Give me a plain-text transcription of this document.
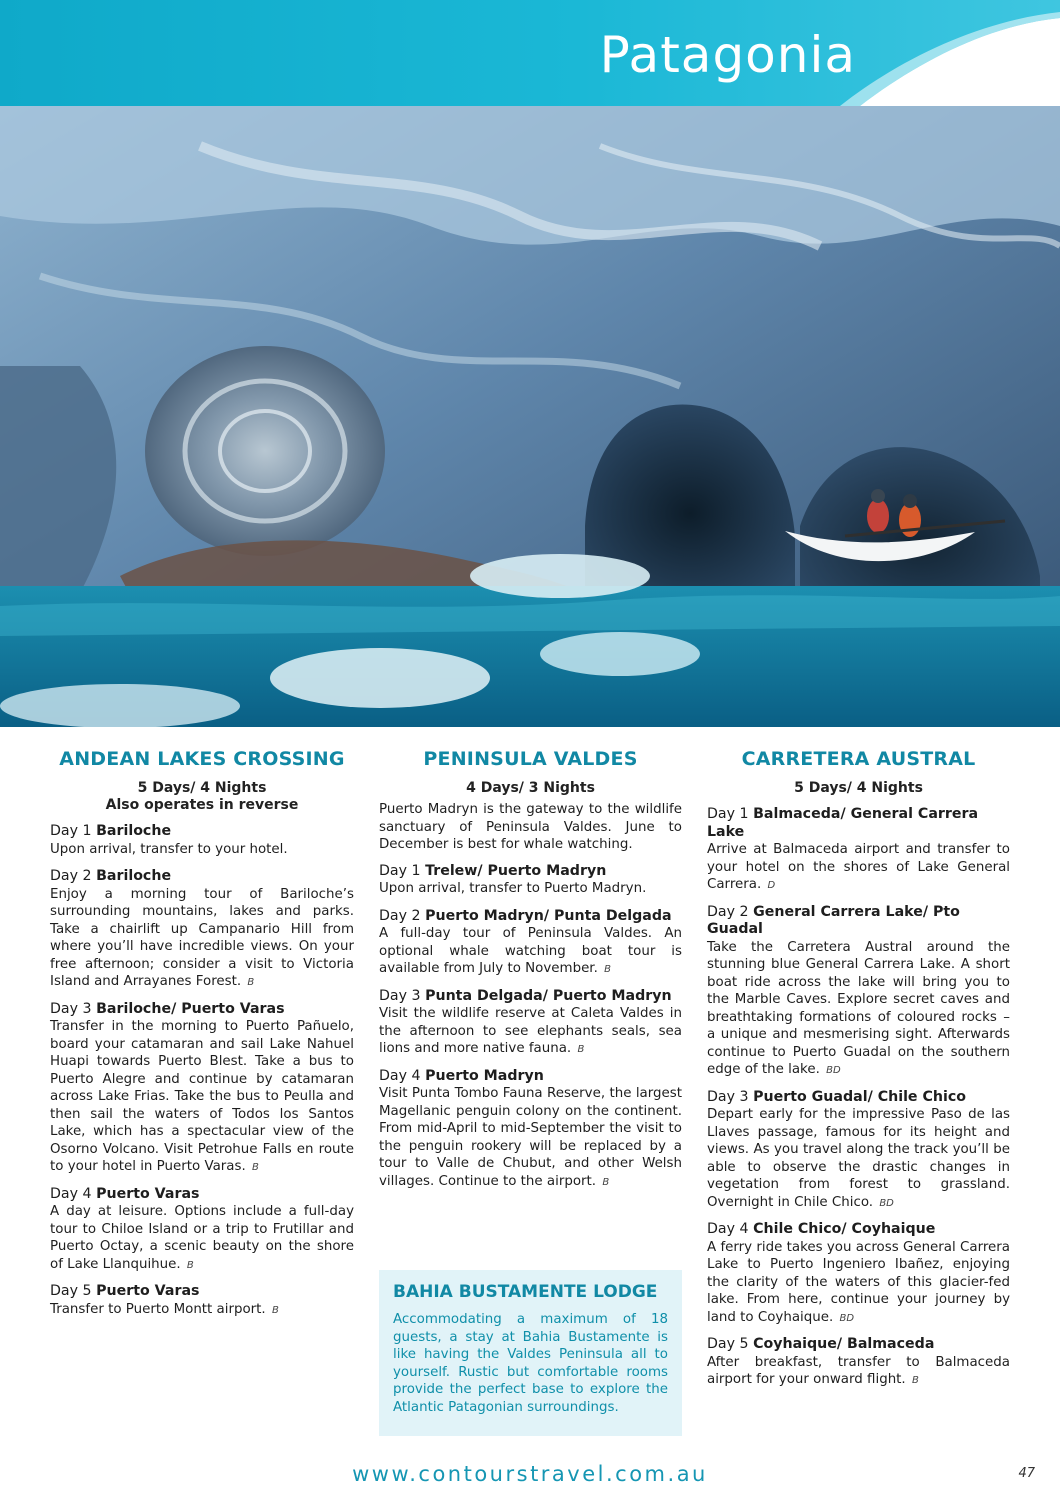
Patagonia
ANDEAN LAKES CROSSING
5 Days/ 4 Nights
Also operates in reverse
Day 1 Bariloche
Upon arrival, transfer to your hotel.
Day 2 Bariloche
Enjoy a morning tour of Bariloche’s surrounding mountains, lakes and parks. Take a chairlift up Campanario Hill from where you’ll have incredible views. On your free afternoon; consider a visit to Victoria Island and Arrayanes Forest. B
Day 3 Bariloche/ Puerto Varas
Transfer in the morning to Puerto Pañuelo, board your catamaran and sail Lake Nahuel Huapi towards Puerto Blest. Take a bus to Puerto Alegre and continue by catamaran across Lake Frias. Take the bus to Peulla and then sail the waters of Todos los Santos Lake, which has a spectacular view of the Osorno Volcano. Visit Petrohue Falls en route to your hotel in Puerto Varas. B
Day 4 Puerto Varas
A day at leisure. Options include a full-day tour to Chiloe Island or a trip to Frutillar and Puerto Octay, a scenic beauty on the shore of Lake Llanquihue. B
Day 5 Puerto Varas
Transfer to Puerto Montt airport. B
PENINSULA VALDES
4 Days/ 3 Nights
Puerto Madryn is the gateway to the wildlife sanctuary of Peninsula Valdes. June to December is best for whale watching.
Day 1 Trelew/ Puerto Madryn
Upon arrival, transfer to Puerto Madryn.
Day 2 Puerto Madryn/ Punta Delgada
A full-day tour of Peninsula Valdes. An optional whale watching boat tour is available from July to November. B
Day 3 Punta Delgada/ Puerto Madryn
Visit the wildlife reserve at Caleta Valdes in the afternoon to see elephants seals, sea lions and more native fauna. B
Day 4 Puerto Madryn
Visit Punta Tombo Fauna Reserve, the largest Magellanic penguin colony on the continent. From mid-April to mid-September the visit to the penguin rookery will be replaced by a tour to Valle de Chubut, and other Welsh villages. Continue to the airport. B
BAHIA BUSTAMENTE LODGE
Accommodating a maximum of 18 guests, a stay at Bahia Bustamente is like having the Valdes Peninsula all to yourself. Rustic but comfortable rooms provide the perfect base to explore the Atlantic Patagonian surroundings.
CARRETERA AUSTRAL
5 Days/ 4 Nights
Day 1 Balmaceda/ General Carrera Lake
Arrive at Balmaceda airport and transfer to your hotel on the shores of Lake General Carrera. D
Day 2 General Carrera Lake/ Pto Guadal
Take the Carretera Austral around the stunning blue General Carrera Lake. A short boat ride across the lake will bring you to the Marble Caves. Explore secret caves and breathtaking formations of coloured rocks – a unique and mesmerising sight. Afterwards continue to Puerto Guadal on the southern edge of the lake. BD
Day 3 Puerto Guadal/ Chile Chico
Depart early for the impressive Paso de las Llaves passage, famous for its height and views. As you travel along the track you’ll be able to observe the drastic changes in vegetation from forest to grassland. Overnight in Chile Chico. BD
Day 4 Chile Chico/ Coyhaique
A ferry ride takes you across General Carrera Lake to Puerto Ingeniero Ibañez, enjoying the clarity of the waters of this glacier-fed lake. From here, continue your journey by land to Coyhaique. BD
Day 5 Coyhaique/ Balmaceda
After breakfast, transfer to Balmaceda airport for your onward flight. B
www.contourstravel.com.au	47
